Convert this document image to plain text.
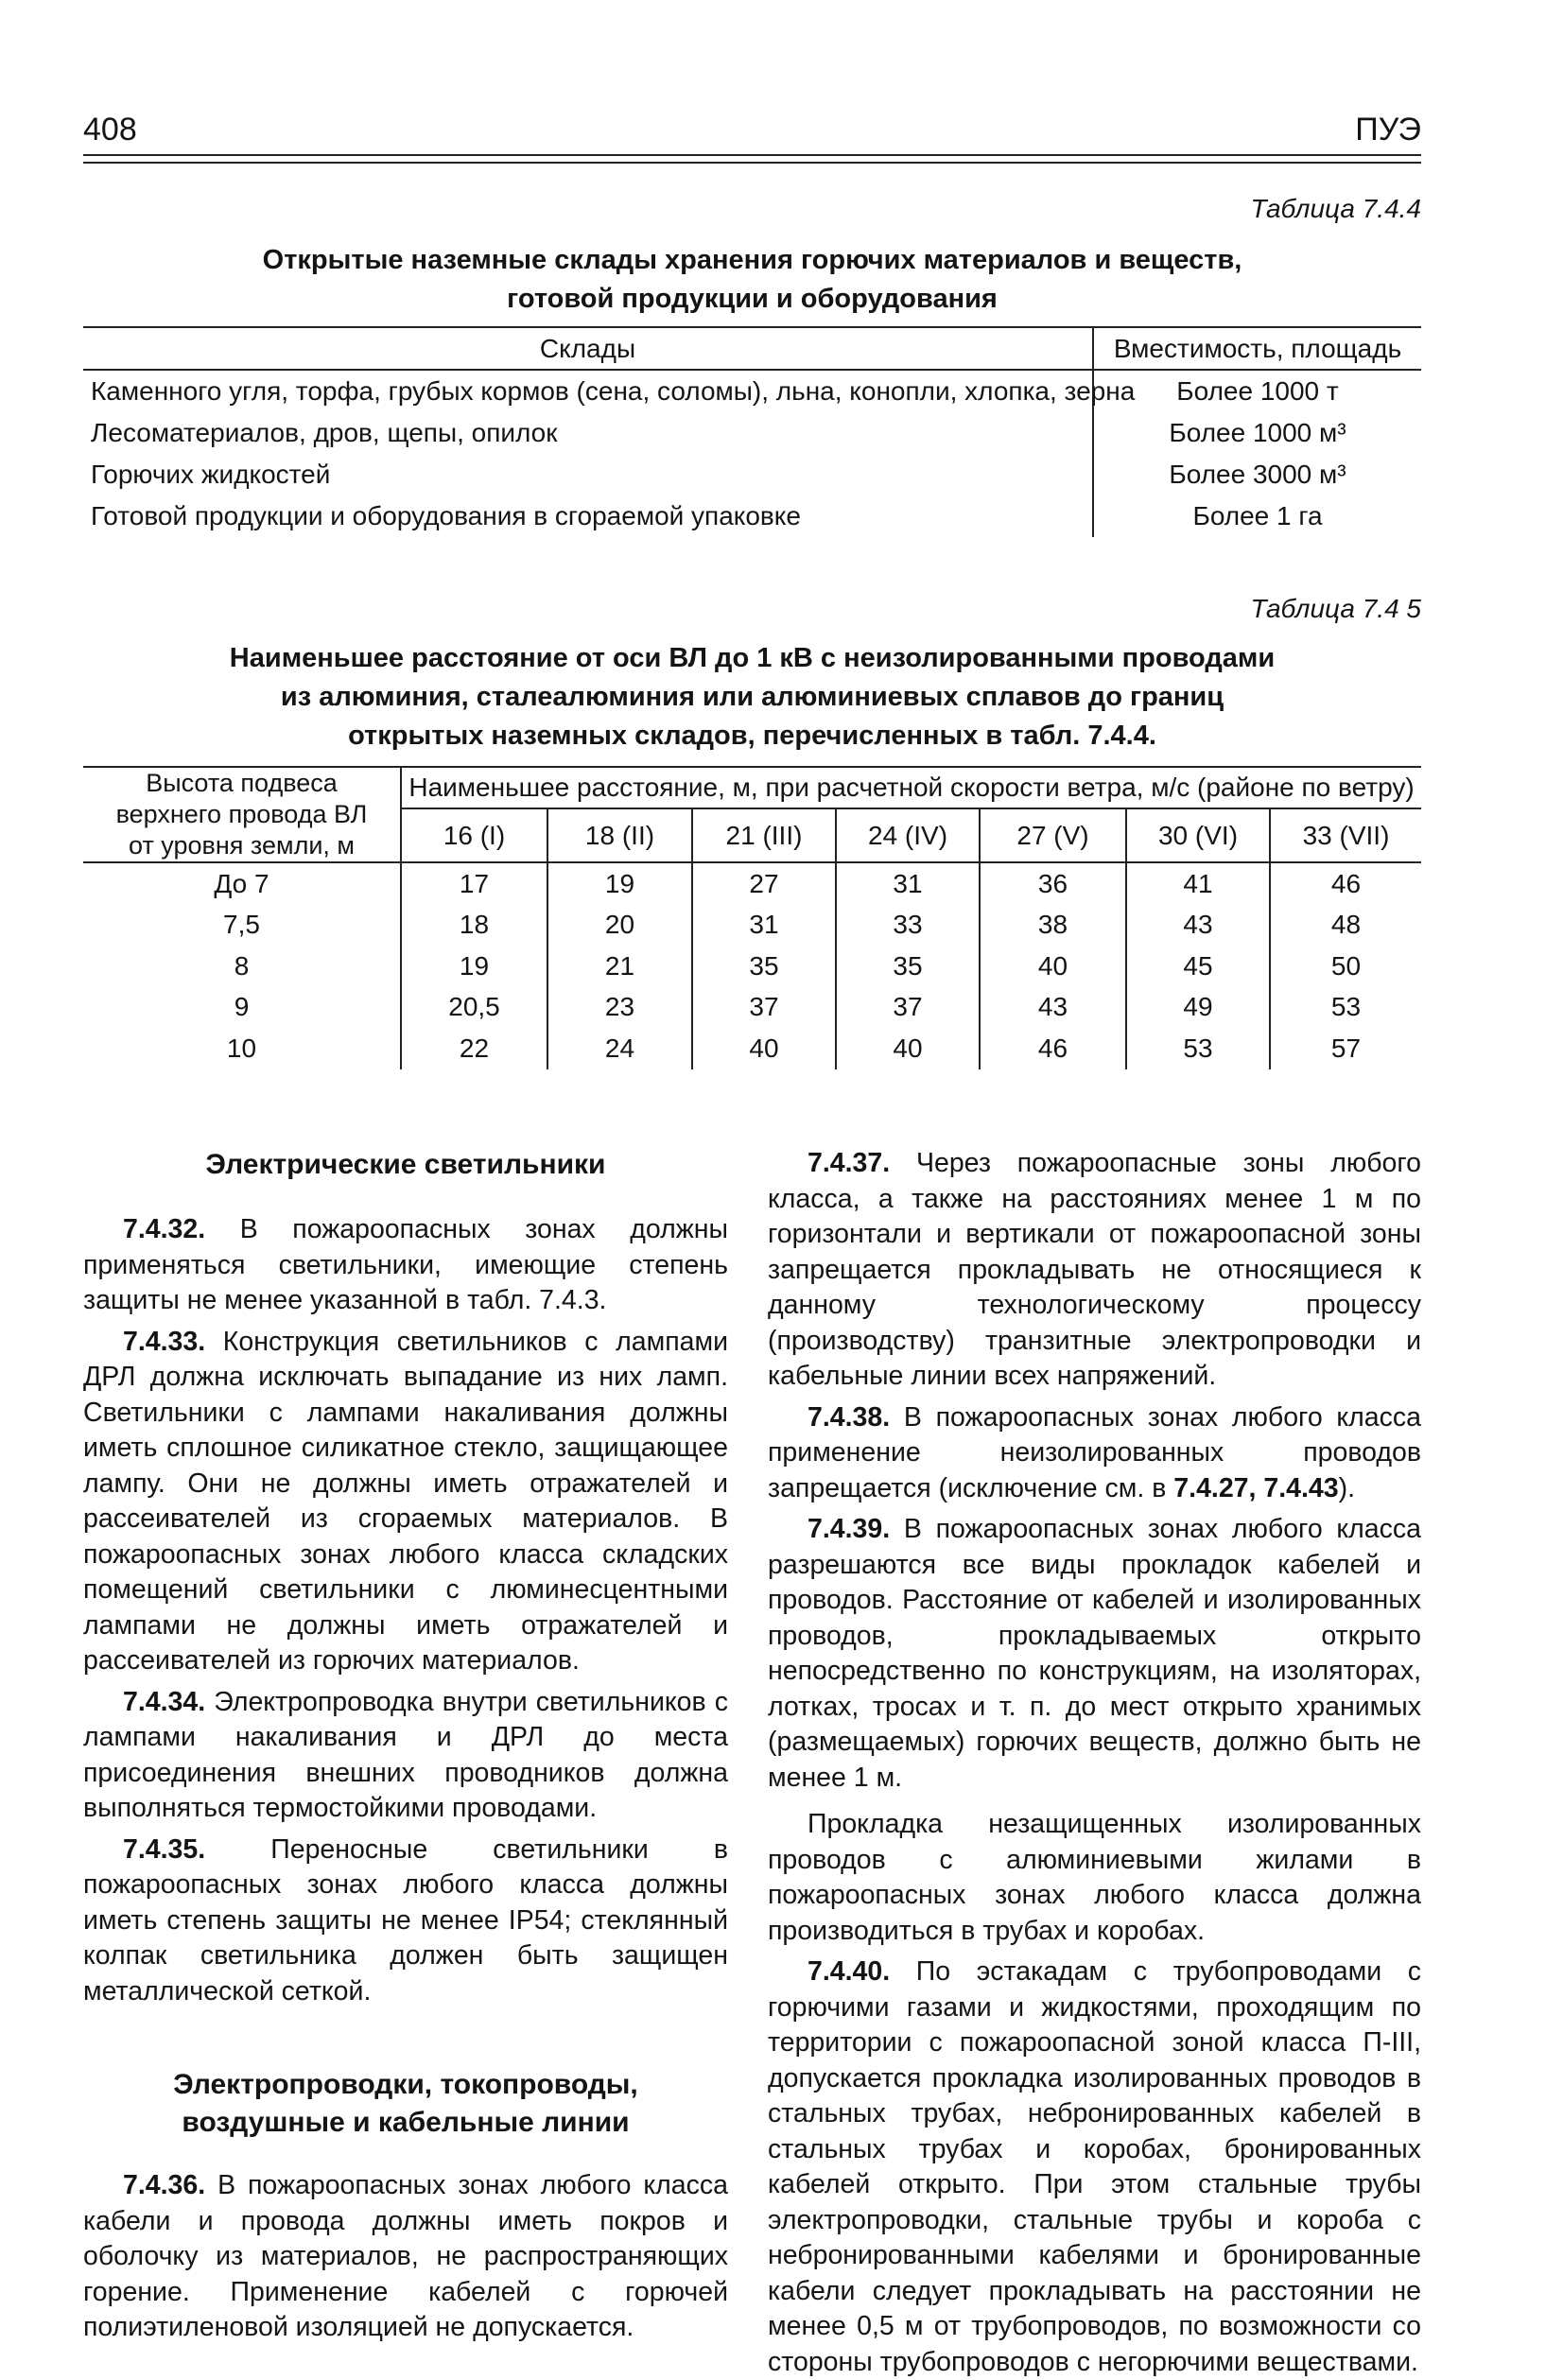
408	ПУЭ
Таблица 7.4.4
Открытые наземные склады хранения горючих материалов и веществ,
готовой продукции и оборудования
Склады	Вместимость, площадь
Каменного угля, торфа, грубых кормов (сена, соломы), льна, конопли, хлопка, зерна	Более 1000 т
Лесоматериалов, дров, щепы, опилок	Более 1000 м³
Горючих жидкостей	Более 3000 м³
Готовой продукции и оборудования в сгораемой упаковке	Более 1 га
Таблица 7.4 5
Наименьшее расстояние от оси ВЛ до 1 кВ с неизолированными проводами
из алюминия, сталеалюминия или алюминиевых сплавов до границ
открытых наземных складов, перечисленных в табл. 7.4.4.
Высота подвеса верхнего провода ВЛ от уровня земли, м	Наименьшее расстояние, м, при расчетной скорости ветра, м/с (районе по ветру)						
	16 (I)	18 (II)	21 (III)	24 (IV)	27 (V)	30 (VI)	33 (VII)
До 7	17	19	27	31	36	41	46
7,5	18	20	31	33	38	43	48
8	19	21	35	35	40	45	50
9	20,5	23	37	37	43	49	53
10	22	24	40	40	46	53	57

Электрические светильники

7.4.32. В пожароопасных зонах должны применяться светильники, имеющие степень защиты не менее указанной в табл. 7.4.3.

7.4.33. Конструкция светильников с лампами ДРЛ должна исключать выпадание из них ламп. Светильники с лампами накаливания должны иметь сплошное силикатное стекло, защищающее лампу. Они не должны иметь отражателей и рассеивателей из сгораемых материалов. В пожароопасных зонах любого класса складских помещений светильники с люминесцентными лампами не должны иметь отражателей и рассеивателей из горючих материалов.

7.4.34. Электропроводка внутри светильников с лампами накаливания и ДРЛ до места присоединения внешних проводников должна выполняться термостойкими проводами.

7.4.35. Переносные светильники в пожароопасных зонах любого класса должны иметь степень защиты не менее IP54; стеклянный колпак светильника должен быть защищен металлической сеткой.

Электропроводки, токопроводы,

воздушные и кабельные линии

7.4.36. В пожароопасных зонах любого класса кабели и провода должны иметь покров и оболочку из материалов, не распространяющих горение. Применение кабелей с горючей полиэтиленовой изоляцией не допускается.

7.4.37. Через пожароопасные зоны любого класса, а также на расстояниях менее 1 м по горизонтали и вертикали от пожароопасной зоны запрещается прокладывать не относящиеся к данному технологическому процессу (производству) транзитные электропроводки и кабельные линии всех напряжений.

7.4.38. В пожароопасных зонах любого класса применение неизолированных проводов запрещается (исключение см. в 7.4.27, 7.4.43).

7.4.39. В пожароопасных зонах любого класса разрешаются все виды прокладок кабелей и проводов. Расстояние от кабелей и изолированных проводов, прокладываемых открыто непосредственно по конструкциям, на изоляторах, лотках, тросах и т. п. до мест открыто хранимых (размещаемых) горючих веществ, должно быть не менее 1 м.

Прокладка незащищенных изолированных проводов с алюминиевыми жилами в пожароопасных зонах любого класса должна производиться в трубах и коробах.

7.4.40. По эстакадам с трубопроводами с горючими газами и жидкостями, проходящим по территории с пожароопасной зоной класса П-III, допускается прокладка изолированных проводов в стальных трубах, небронированных кабелей в стальных трубах и коробах, бронированных кабелей открыто. При этом стальные трубы электропроводки, стальные трубы и короба с небронированными кабелями и бронированные кабели следует прокладывать на расстоянии не менее 0,5 м от трубопроводов, по возможности со стороны трубопроводов с негорючими веществами.
